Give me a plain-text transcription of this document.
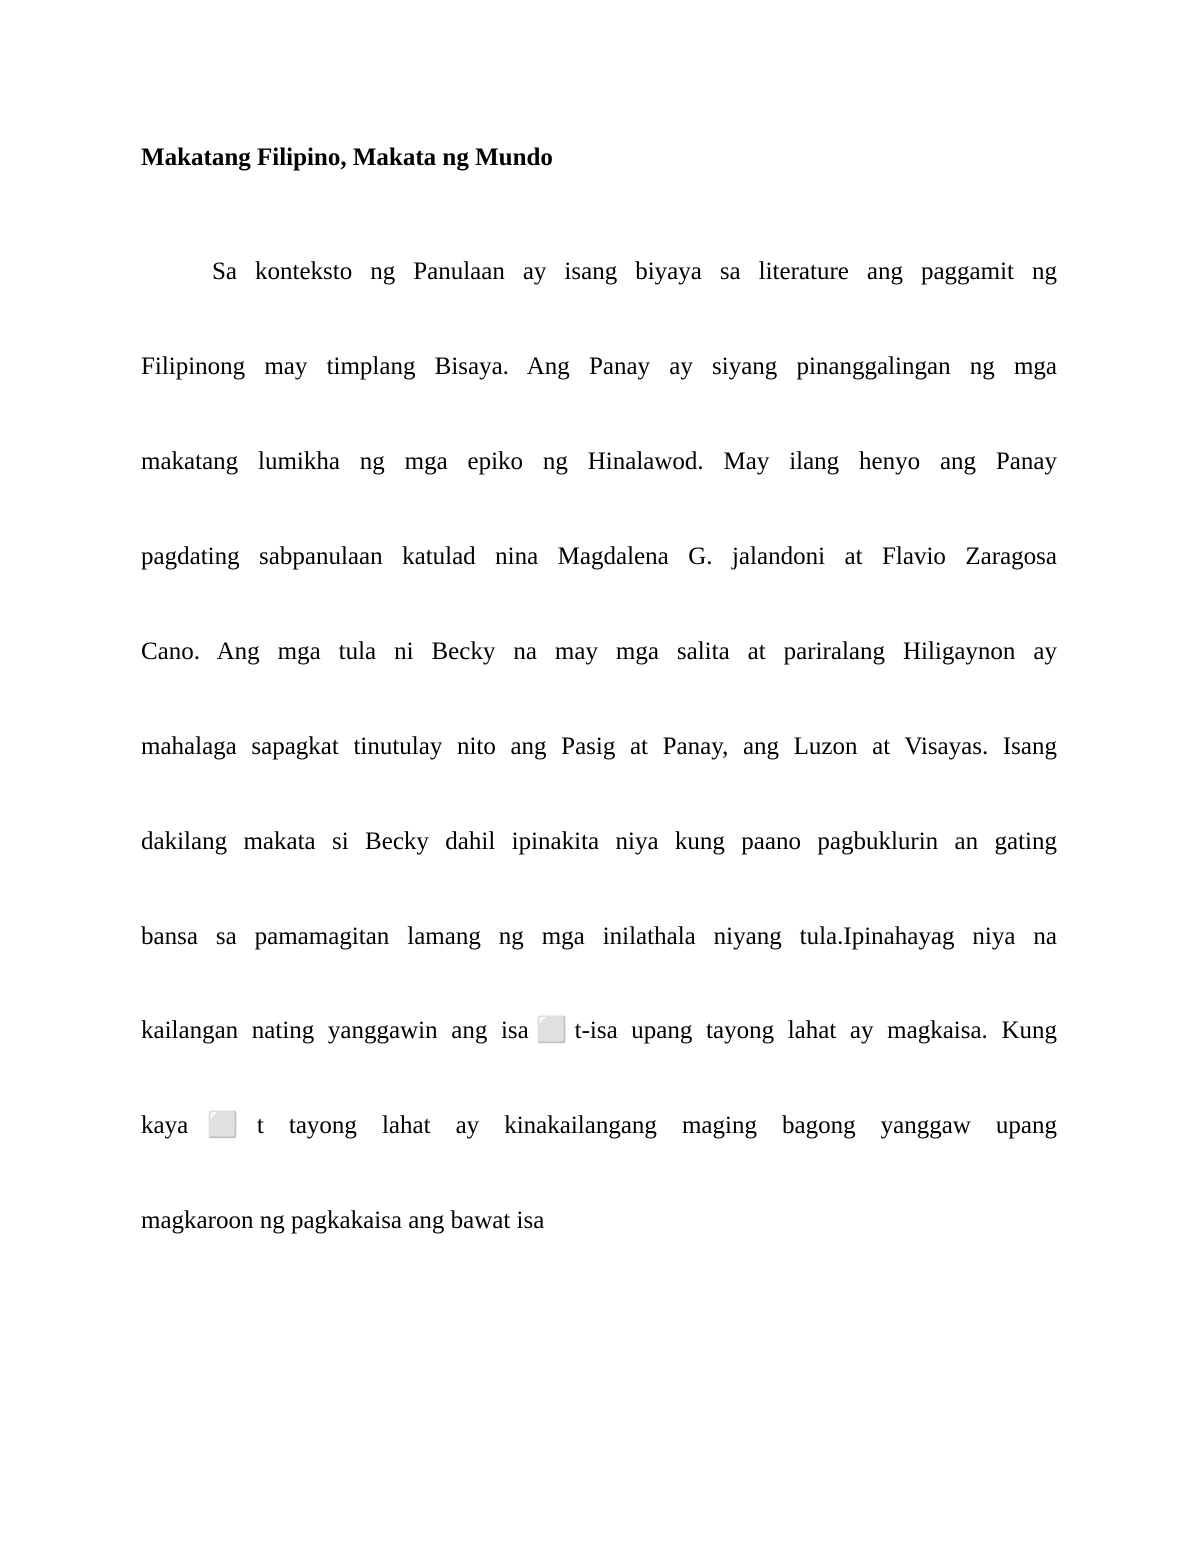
Makatang Filipino, Makata ng Mundo
Sa konteksto ng Panulaan ay isang biyaya sa literature ang paggamit ng
Filipinong may timplang Bisaya. Ang Panay ay siyang pinanggalingan ng mga
makatang lumikha ng mga epiko ng Hinalawod. May ilang henyo ang Panay
pagdating sabpanulaan katulad nina Magdalena G. jalandoni at Flavio Zaragosa
Cano. Ang mga tula ni Becky na may mga salita at pariralang Hiligaynon ay
mahalaga sapagkat tinutulay nito ang Pasig at Panay, ang Luzon at Visayas. Isang
dakilang makata si Becky dahil ipinakita niya kung paano pagbuklurin an gating
bansa sa pamamagitan lamang ng mga inilathala niyang tula.Ipinahayag niya na
kailangan nating yanggawin ang isa⬜t-isa upang tayong lahat ay magkaisa. Kung
kaya⬜t tayong lahat ay kinakailangang maging bagong yanggaw upang
magkaroon ng pagkakaisa ang bawat isa
